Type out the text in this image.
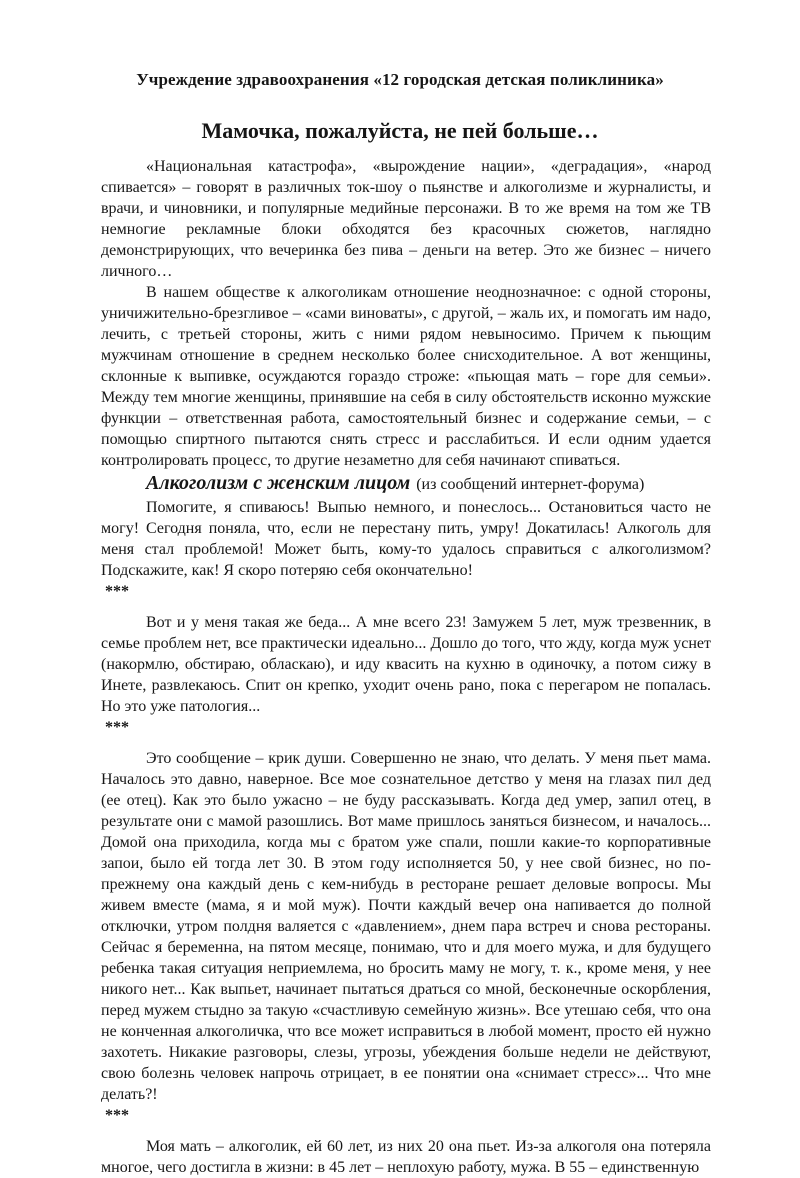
Учреждение здравоохранения «12 городская детская поликлиника»
Мамочка, пожалуйста, не пей больше…

«Национальная катастрофа», «вырождение нации», «деградация», «народ спивается» – говорят в различных ток-шоу о пьянстве и алкоголизме и журналисты, и врачи, и чиновники, и популярные медийные персонажи. В то же время на том же ТВ немногие рекламные блоки обходятся без красочных сюжетов, наглядно демонстрирующих, что вечеринка без пива – деньги на ветер. Это же бизнес – ничего личного…

В нашем обществе к алкоголикам отношение неоднозначное: с одной стороны, уничижительно-брезгливое – «сами виноваты», с другой, – жаль их, и помогать им надо, лечить, с третьей стороны, жить с ними рядом невыносимо. Причем к пьющим мужчинам отношение в среднем несколько более снисходительное. А вот женщины, склонные к выпивке, осуждаются гораздо строже: «пьющая мать – горе для семьи». Между тем многие женщины, принявшие на себя в силу обстоятельств исконно мужские функции – ответственная работа, самостоятельный бизнес и содержание семьи, – с помощью спиртного пытаются снять стресс и расслабиться. И если одним удается контролировать процесс, то другие незаметно для себя начинают спиваться.

Алкоголизм с женским лицом (из сообщений интернет-форума)

Помогите, я спиваюсь! Выпью немного, и понеслось... Остановиться часто не могу! Сегодня поняла, что, если не перестану пить, умру! Докатилась! Алкоголь для меня стал проблемой! Может быть, кому-то удалось справиться с алкоголизмом? Подскажите, как! Я скоро потеряю себя окончательно!

***

Вот и у меня такая же беда... А мне всего 23! Замужем 5 лет, муж трезвенник, в семье проблем нет, все практически идеально... Дошло до того, что жду, когда муж уснет (накормлю, обстираю, обласкаю), и иду квасить на кухню в одиночку, а потом сижу в Инете, развлекаюсь. Спит он крепко, уходит очень рано, пока с перегаром не попалась. Но это уже патология...

***

Это сообщение – крик души. Совершенно не знаю, что делать. У меня пьет мама. Началось это давно, наверное. Все мое сознательное детство у меня на глазах пил дед (ее отец). Как это было ужасно – не буду рассказывать. Когда дед умер, запил отец, в результате они с мамой разошлись. Вот маме пришлось заняться бизнесом, и началось... Домой она приходила, когда мы с братом уже спали, пошли какие-то корпоративные запои, было ей тогда лет 30. В этом году исполняется 50, у нее свой бизнес, но по-прежнему она каждый день с кем-нибудь в ресторане решает деловые вопросы. Мы живем вместе (мама, я и мой муж). Почти каждый вечер она напивается до полной отключки, утром полдня валяется с «давлением», днем пара встреч и снова рестораны. Сейчас я беременна, на пятом месяце, понимаю, что и для моего мужа, и для будущего ребенка такая ситуация неприемлема, но бросить маму не могу, т. к., кроме меня, у нее никого нет... Как выпьет, начинает пытаться драться со мной, бесконечные оскорбления, перед мужем стыдно за такую «счастливую семейную жизнь». Все утешаю себя, что она не конченная алкоголичка, что все может исправиться в любой момент, просто ей нужно захотеть. Никакие разговоры, слезы, угрозы, убеждения больше недели не действуют, свою болезнь человек напрочь отрицает, в ее понятии она «снимает стресс»... Что мне делать?!

***

Моя мать – алкоголик, ей 60 лет, из них 20 она пьет. Из-за алкоголя она потеряла многое, чего достигла в жизни: в 45 лет – неплохую работу, мужа. В 55 – единственную
